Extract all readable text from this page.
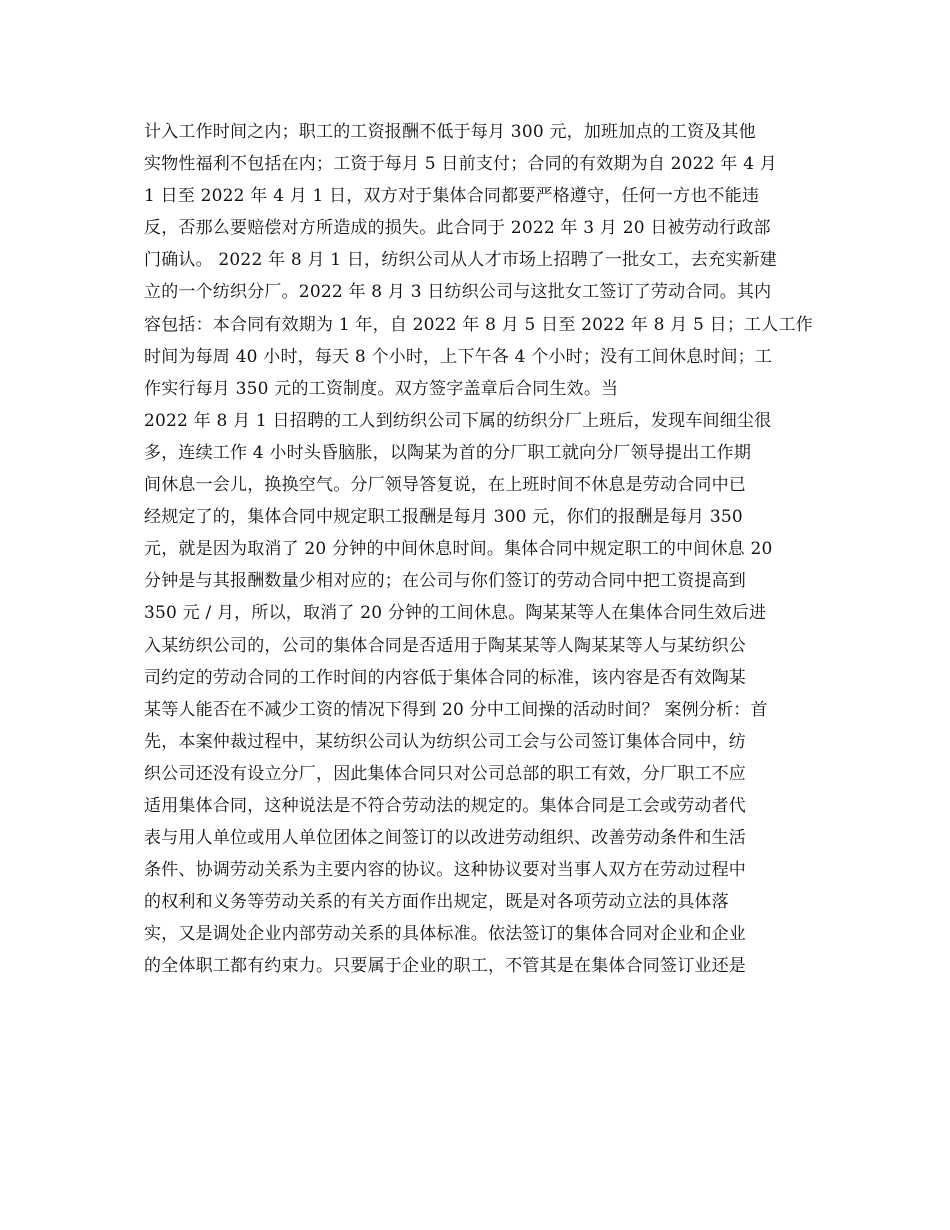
计入工作时间之内；职工的工资报酬不低于每月 300 元，加班加点的工资及其他
实物性福利不包括在内；工资于每月 5 日前支付；合同的有效期为自 2022 年 4 月
1 日至 2022 年 4 月 1 日，双方对于集体合同都要严格遵守，任何一方也不能违
反，否那么要赔偿对方所造成的损失。此合同于 2022 年 3 月 20 日被劳动行政部
门确认。 2022 年 8 月 1 日，纺织公司从人才市场上招聘了一批女工，去充实新建
立的一个纺织分厂。2022 年 8 月 3 日纺织公司与这批女工签订了劳动合同。其内
容包括：本合同有效期为 1 年，自 2022 年 8 月 5 日至 2022 年 8 月 5 日；工人工作
时间为每周 40 小时，每天 8 个小时，上下午各 4 个小时；没有工间休息时间；工
作实行每月 350 元的工资制度。双方签字盖章后合同生效。当
2022 年 8 月 1 日招聘的工人到纺织公司下属的纺织分厂上班后，发现车间细尘很
多，连续工作 4 小时头昏脑胀，以陶某为首的分厂职工就向分厂领导提出工作期
间休息一会儿，换换空气。分厂领导答复说，在上班时间不休息是劳动合同中已
经规定了的，集体合同中规定职工报酬是每月 300 元，你们的报酬是每月 350
元，就是因为取消了 20 分钟的中间休息时间。集体合同中规定职工的中间休息 20
分钟是与其报酬数量少相对应的；在公司与你们签订的劳动合同中把工资提高到
350 元 / 月，所以，取消了 20 分钟的工间休息。陶某某等人在集体合同生效后进
入某纺织公司的，公司的集体合同是否适用于陶某某等人陶某某等人与某纺织公
司约定的劳动合同的工作时间的内容低于集体合同的标准，该内容是否有效陶某
某等人能否在不减少工资的情况下得到 20 分中工间操的活动时间？ 案例分析：首
先，本案仲裁过程中，某纺织公司认为纺织公司工会与公司签订集体合同中，纺
织公司还没有设立分厂，因此集体合同只对公司总部的职工有效，分厂职工不应
适用集体合同，这种说法是不符合劳动法的规定的。集体合同是工会或劳动者代
表与用人单位或用人单位团体之间签订的以改进劳动组织、改善劳动条件和生活
条件、协调劳动关系为主要内容的协议。这种协议要对当事人双方在劳动过程中
的权利和义务等劳动关系的有关方面作出规定，既是对各项劳动立法的具体落
实，又是调处企业内部劳动关系的具体标准。依法签订的集体合同对企业和企业
的全体职工都有约束力。只要属于企业的职工，不管其是在集体合同签订业还是
